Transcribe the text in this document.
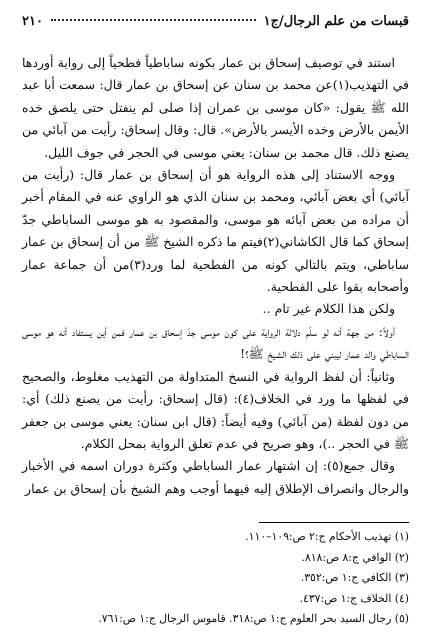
قبسات من علم الرجال/ج١
٢١٠

استند في توصيف إسحاق بن عمار بكونه ساباطياً فطحياً إلى رواية أوردها في التهذيب(١)عن محمد بن سنان عن إسحاق بن عمار قال: سمعت أبا عبد الله ﷺ يقول: «كان موسى بن عمران إذا صلى لم ينفتل حتى يلصق خده الأيمن بالأرض وخده الأيسر بالأرض». قال: وقال إسحاق: رأيت من آبائي من يصنع ذلك. قال محمد بن سنان: يعني موسى في الحجر في جوف الليل.

ووجه الاستناد إلى هذه الرواية هو أن إسحاق بن عمار قال: (رأيت من آبائي) أي بعض آبائي، ومحمد بن سنان الذي هو الراوي عنه في المقام أخبر أن مراده من بعض آبائه هو موسى، والمقصود به هو موسى الساباطي جدّ إسحاق كما قال الكاشاني(٢)فيتم ما ذكره الشيخ ﷺ من أن إسحاق بن عمار ساباطي، ويتم بالتالي كونه من الفطحية لما ورد(٣)من أن جماعة عمار وأصحابه بقوا على الفطحية.

ولكن هذا الكلام غير تام ..

أولاً: من جهة أنه لو سلّم دلالة الرواية على كون موسى جدّ إسحاق بن عمار فمن أين يستفاد أنه هو موسى الساباطي والد عمار ليبني على ذلك الشيخ ﷺ؟!

وثانياً: أن لفظ الرواية في النسخ المتداولة من التهذيب مغلوط، والصحيح في لفظها ما ورد في الخلاف(٤): (قال إسحاق: رأيت من يصنع ذلك) أي: من دون لفظة (من آبائي) وفيه أيضاً: (قال ابن سنان: يعني موسى بن جعفر ﷺ في الحجر ..)، وهو صريح في عدم تعلق الرواية بمحل الكلام.

وقال جمع(٥): إن اشتهار عمار الساباطي وكثرة دوران اسمه في الأخبار والرجال وانصراف الإطلاق إليه فيهما أوجب وهم الشيخ بأن إسحاق بن عمار

(١) تهذيب الأحكام ج:٢ ص:١٠٩–١١٠.
(٢) الوافي ج:٨ ص:٨١٨.
(٣) الكافي ج:١ ص:٣٥٢.
(٤) الخلاف ج:١ ص:٤٣٧.
(٥) رجال السيد بحر العلوم ج:١ ص:٣١٨. قاموس الرجال ج:١ ص:٧٦١.
